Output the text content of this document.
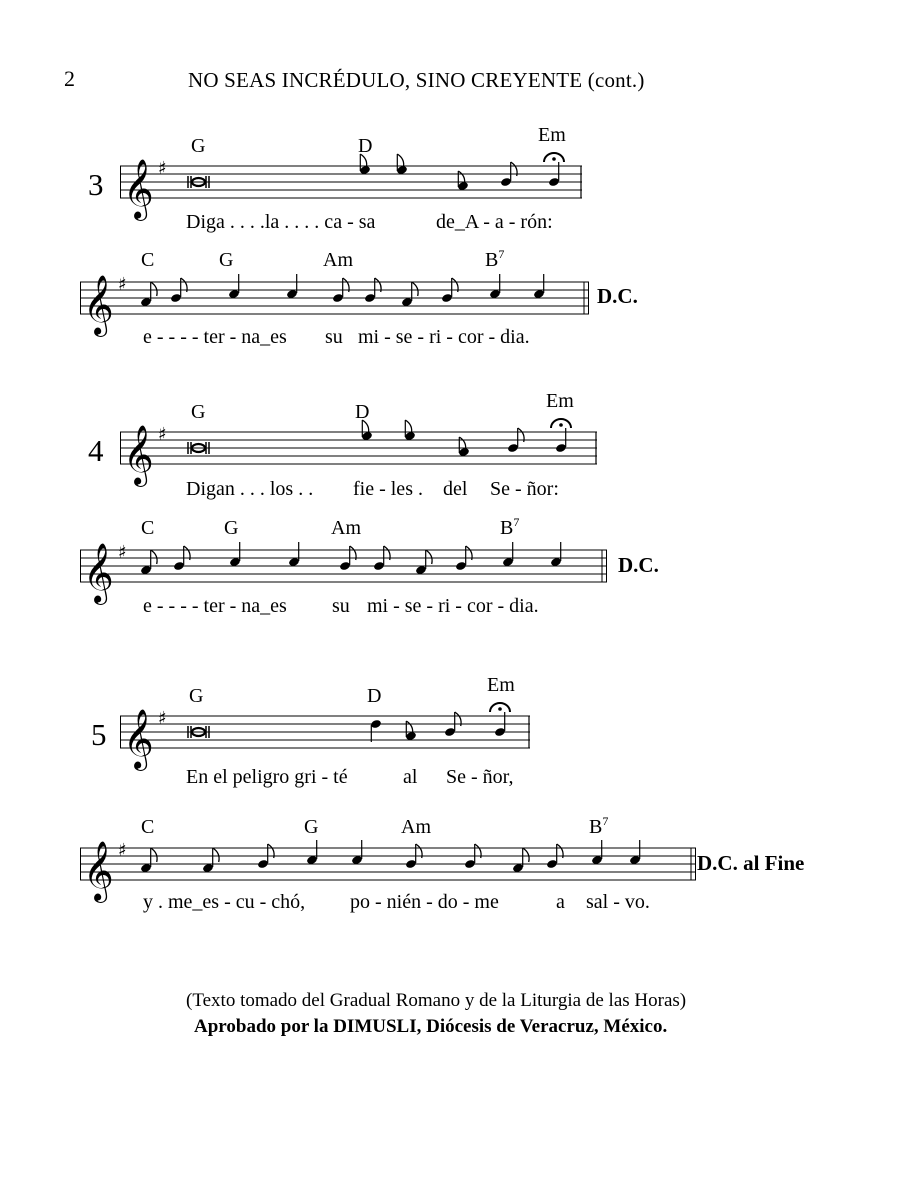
2	NO SEAS INCRÉDULO, SINO CREYENTE (cont.)
3
G	D	Em
𝄞 ♯
Diga . . . .la . . . . ca - sa	de_A - a - rón:
C	G	Am	$B^7$
𝄞 ♯	D.C.
e - - - - ter - na_es su mi - se - ri - cor - dia.
4
G	D	Em
𝄞 ♯
Digan . . . los . . fie - les . del Se - ñor:
C	G	Am	$B^7$
𝄞 ♯
D.C.
e - - - - ter - na_es su mi - se - ri - cor - dia.
5
G	D	Em
𝄞 ♯
En el peligro gri - té	al Se - ñor,
C	G	Am	$B^7$
𝄞 ♯
D.C. al Fine
y . me_es - cu - chó, po - nién - do - me	a sal - vo.
(Texto tomado del Gradual Romano y de la Liturgia de las Horas)
Aprobado por la DIMUSLI, Diócesis de Veracruz, México.
